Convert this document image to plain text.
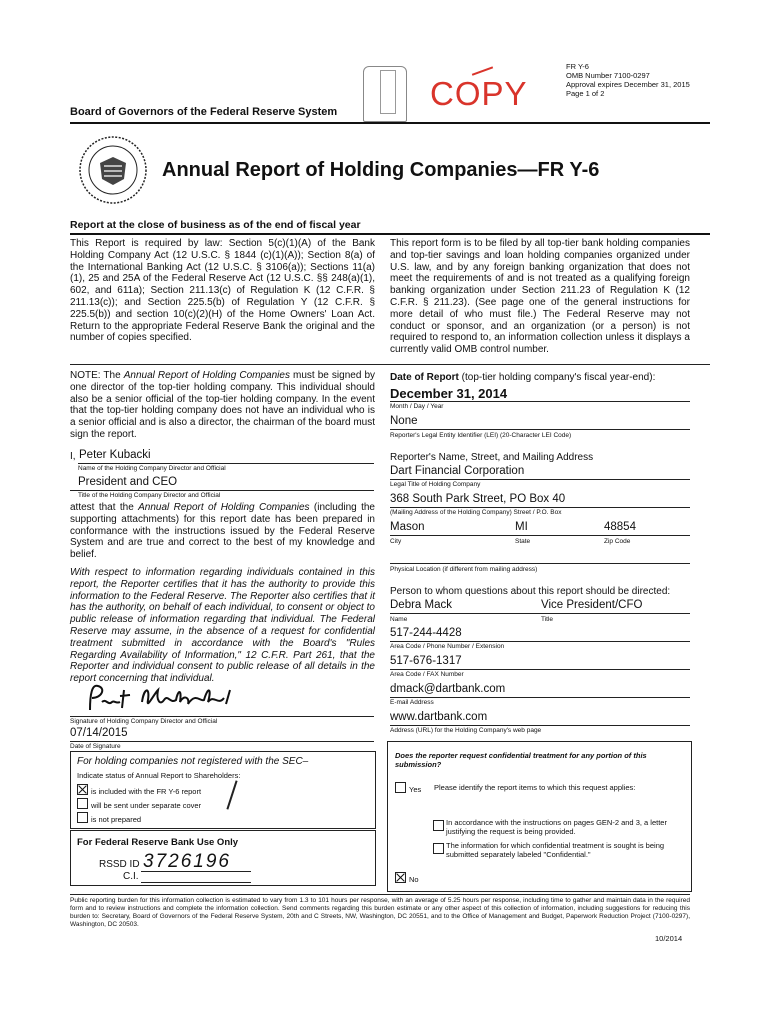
FR Y-6
OMB Number 7100-0297
Approval expires December 31, 2015
Page 1 of 2
COPY
Board of Governors of the Federal Reserve System
Annual Report of Holding Companies—FR Y-6
Report at the close of business as of the end of fiscal year
This Report is required by law: Section 5(c)(1)(A) of the Bank Holding Company Act (12 U.S.C. § 1844 (c)(1)(A)); Section 8(a) of the International Banking Act (12 U.S.C. § 3106(a)); Sections 11(a)(1), 25 and 25A of the Federal Reserve Act (12 U.S.C. §§ 248(a)(1), 602, and 611a); Section 211.13(c) of Regulation K (12 C.F.R. § 211.13(c)); and Section 225.5(b) of Regulation Y (12 C.F.R. § 225.5(b)) and section 10(c)(2)(H) of the Home Owners' Loan Act. Return to the appropriate Federal Reserve Bank the original and the number of copies specified.
This report form is to be filed by all top-tier bank holding companies and top-tier savings and loan holding companies organized under U.S. law, and by any foreign banking organization that does not meet the requirements of and is not treated as a qualifying foreign banking organization under Section 211.23 of Regulation K (12 C.F.R. § 211.23). (See page one of the general instructions for more detail of who must file.) The Federal Reserve may not conduct or sponsor, and an organization (or a person) is not required to respond to, an information collection unless it displays a currently valid OMB control number.
NOTE: The Annual Report of Holding Companies must be signed by one director of the top-tier holding company. This individual should also be a senior official of the top-tier holding company. In the event that the top-tier holding company does not have an individual who is a senior official and is also a director, the chairman of the board must sign the report.
I, Peter Kubacki
Name of the Holding Company Director and Official
President and CEO
Title of the Holding Company Director and Official
attest that the Annual Report of Holding Companies (including the supporting attachments) for this report date has been prepared in conformance with the instructions issued by the Federal Reserve System and are true and correct to the best of my knowledge and belief.
With respect to information regarding individuals contained in this report, the Reporter certifies that it has the authority to provide this information to the Federal Reserve. The Reporter also certifies that it has the authority, on behalf of each individual, to consent or object to public release of information regarding that individual. The Federal Reserve may assume, in the absence of a request for confidential treatment submitted in accordance with the Board's "Rules Regarding Availability of Information," 12 C.F.R. Part 261, that the Reporter and individual consent to public release of all details in the report concerning that individual.
Signature of Holding Company Director and Official
07/14/2015
Date of Signature
For holding companies not registered with the SEC–
Indicate status of Annual Report to Shareholders:
is included with the FR Y-6 report
will be sent under separate cover
is not prepared
For Federal Reserve Bank Use Only
RSSD ID 3726196
C.I.
Date of Report (top-tier holding company's fiscal year-end):
December 31, 2014
Month / Day / Year
None
Reporter's Legal Entity Identifier (LEI) (20-Character LEI Code)
Reporter's Name, Street, and Mailing Address
Dart Financial Corporation
Legal Title of Holding Company
368 South Park Street, PO Box 40
(Mailing Address of the Holding Company) Street / P.O. Box
Mason	MI	48854
City	State	Zip Code
Physical Location (if different from mailing address)
Person to whom questions about this report should be directed:
Debra Mack	Vice President/CFO
Name	Title
517-244-4428
Area Code / Phone Number / Extension
517-676-1317
Area Code / FAX Number
dmack@dartbank.com
E-mail Address
www.dartbank.com
Address (URL) for the Holding Company's web page
Does the reporter request confidential treatment for any portion of this submission?
Yes Please identify the report items to which this request applies:
In accordance with the instructions on pages GEN-2 and 3, a letter justifying the request is being provided.
The information for which confidential treatment is sought is being submitted separately labeled "Confidential."
No
Public reporting burden for this information collection is estimated to vary from 1.3 to 101 hours per response, with an average of 5.25 hours per response, including time to gather and maintain data in the required form and to review instructions and complete the information collection. Send comments regarding this burden estimate or any other aspect of this collection of information, including suggestions for reducing this burden to: Secretary, Board of Governors of the Federal Reserve System, 20th and C Streets, NW, Washington, DC 20551, and to the Office of Management and Budget, Paperwork Reduction Project (7100-0297), Washington, DC 20503.
10/2014
